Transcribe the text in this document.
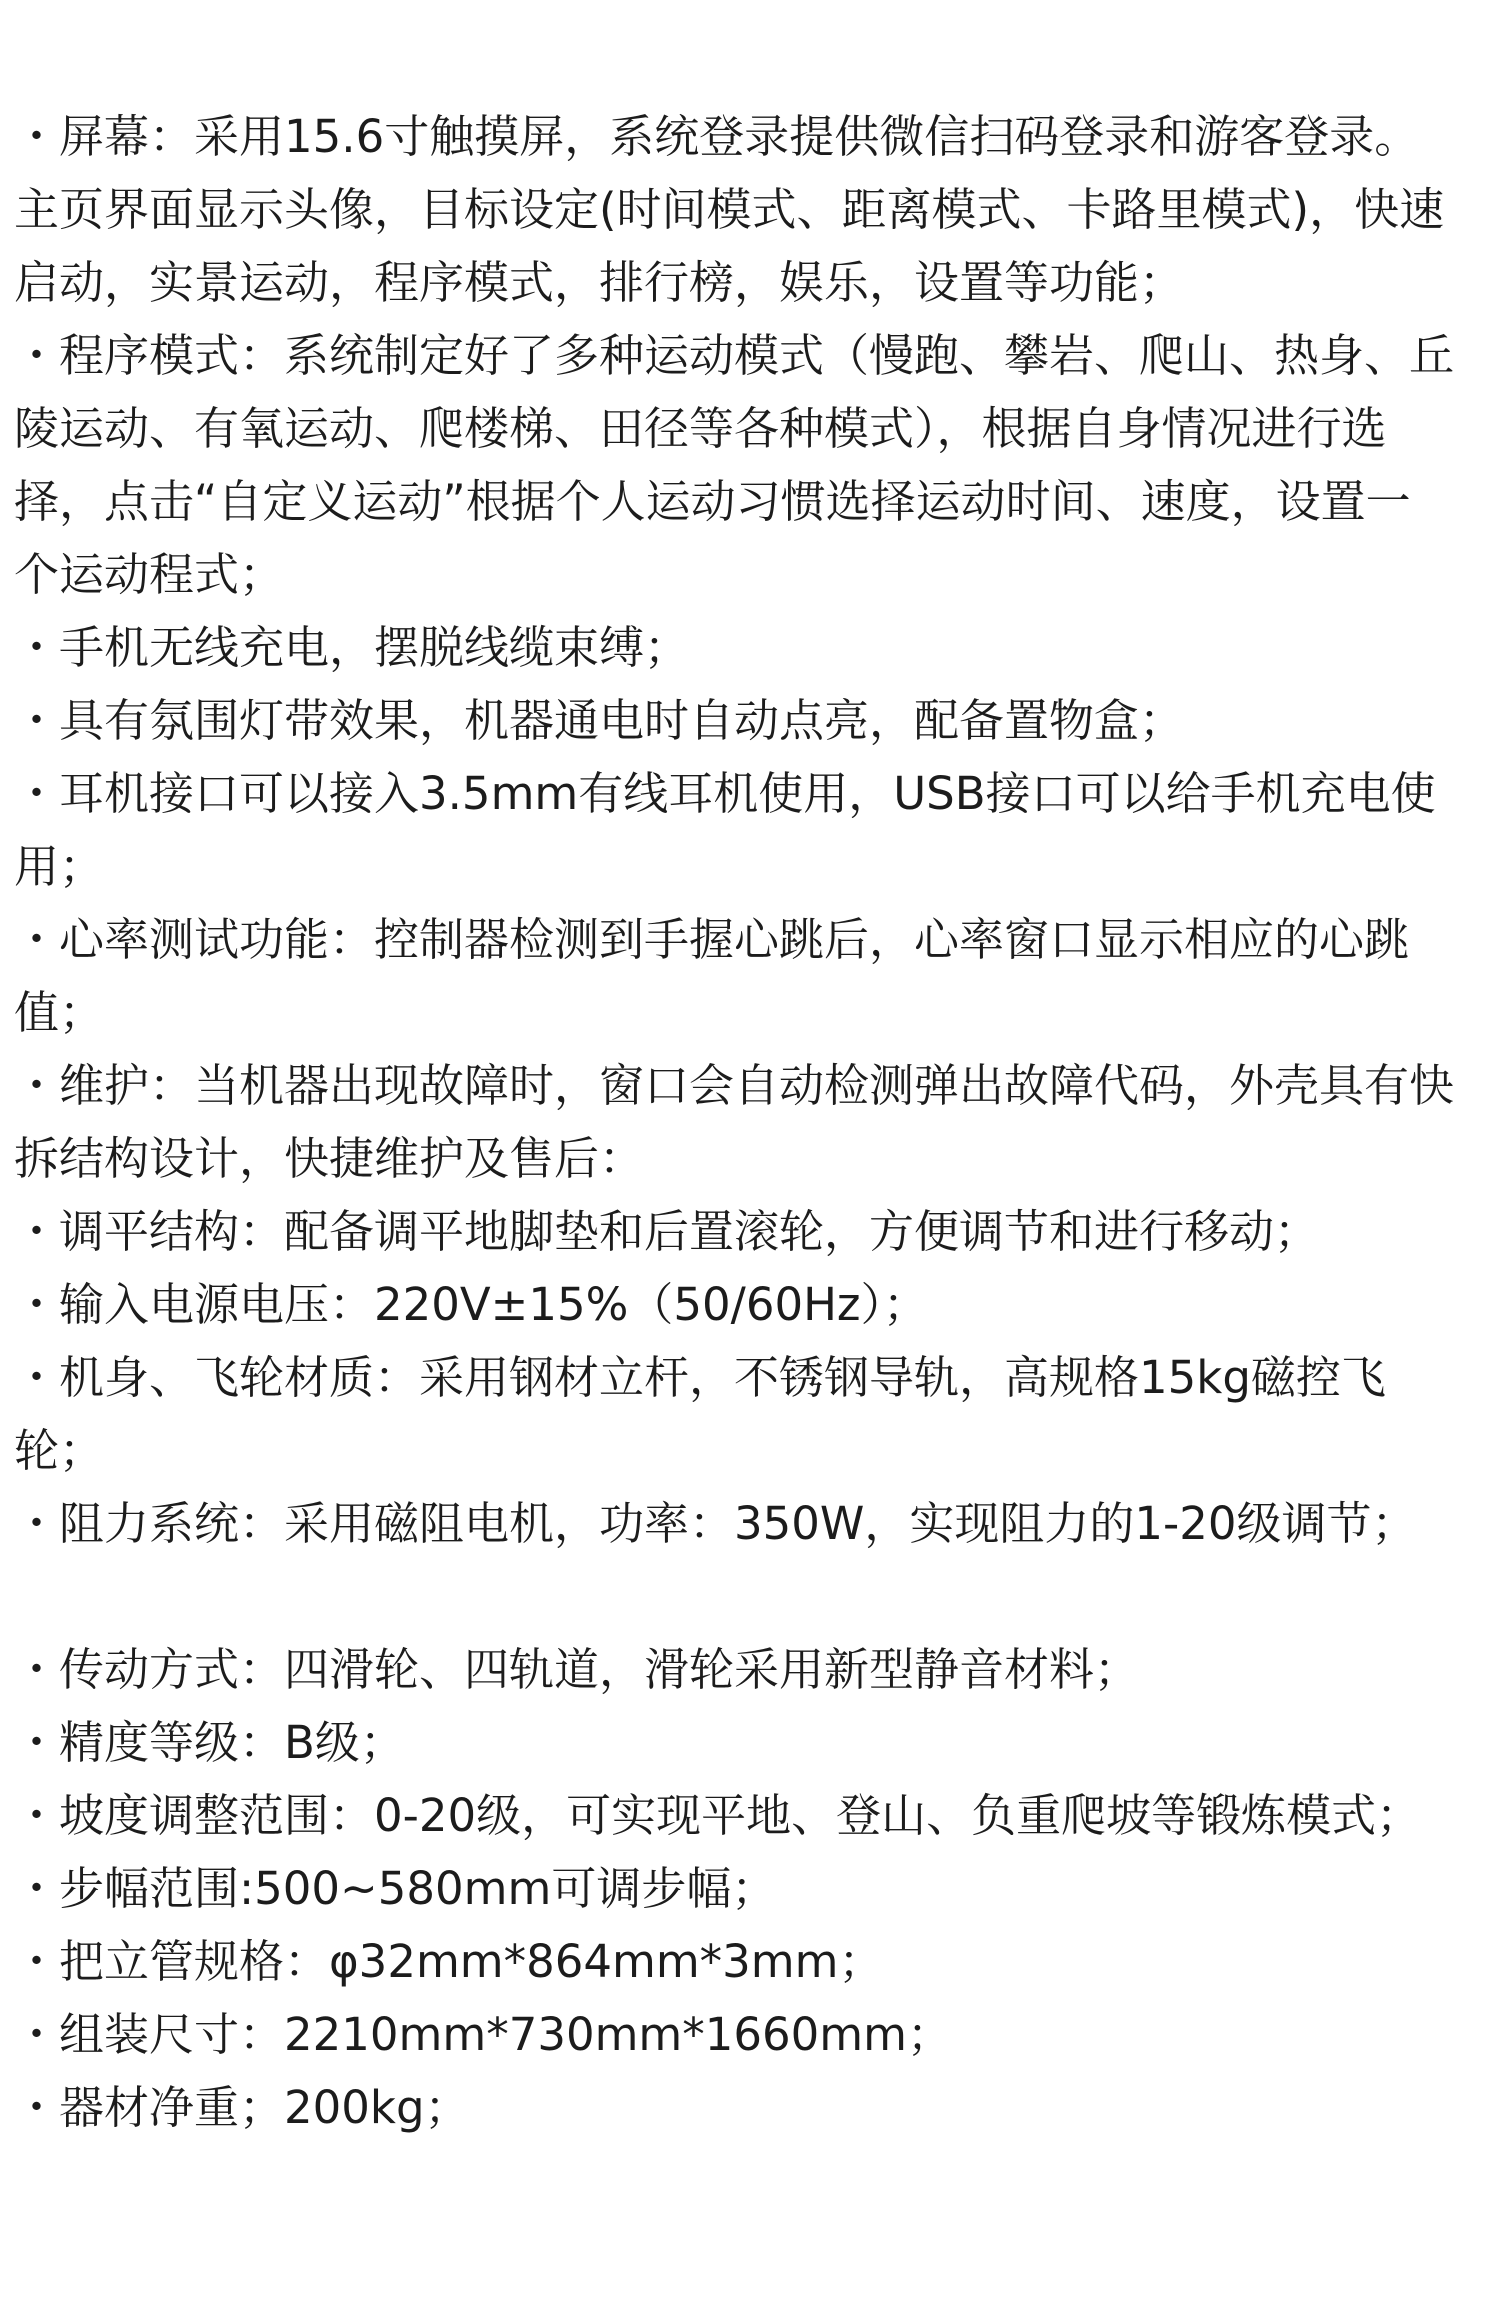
・屏幕：采用15.6寸触摸屏，系统登录提供微信扫码登录和游客登录。主页界面显示头像，目标设定(时间模式、距离模式、卡路里模式)，快速启动，实景运动，程序模式，排行榜，娱乐，设置等功能；

・程序模式：系统制定好了多种运动模式（慢跑、攀岩、爬山、热身、丘陵运动、有氧运动、爬楼梯、田径等各种模式），根据自身情况进行选择，点击“自定义运动”根据个人运动习惯选择运动时间、速度，设置一个运动程式；

・手机无线充电，摆脱线缆束缚；

・具有氛围灯带效果，机器通电时自动点亮，配备置物盒；

・耳机接口可以接入3.5mm有线耳机使用，USB接口可以给手机充电使用；

・心率测试功能：控制器检测到手握心跳后，心率窗口显示相应的心跳值；

・维护：当机器出现故障时，窗口会自动检测弹出故障代码，外壳具有快拆结构设计，快捷维护及售后：

・调平结构：配备调平地脚垫和后置滚轮，方便调节和进行移动；

・输入电源电压：220V±15%（50/60Hz）；

・机身、飞轮材质：采用钢材立杆，不锈钢导轨，高规格15kg磁控飞轮；

・阻力系统：采用磁阻电机，功率：350W，实现阻力的1-20级调节；

・传动方式：四滑轮、四轨道，滑轮采用新型静音材料；

・精度等级：B级；

・坡度调整范围：0-20级，可实现平地、登山、负重爬坡等锻炼模式；

・步幅范围:500~580mm可调步幅；

・把立管规格：φ32mm*864mm*3mm；

・组装尺寸：2210mm*730mm*1660mm；

・器材净重；200kg；
